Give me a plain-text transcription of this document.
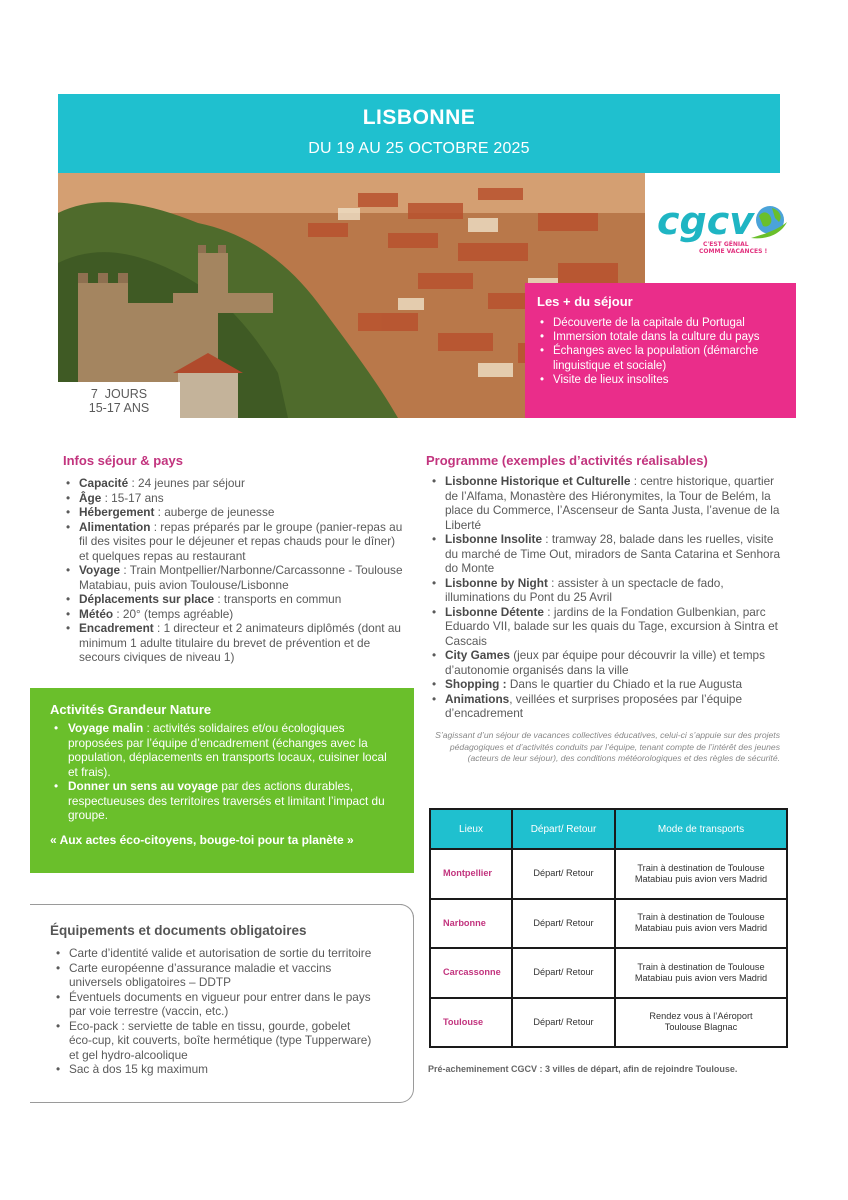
LISBONNE
DU 19 AU 25 OCTOBRE 2025
7  JOURS
15-17 ANS
cgcv
C'EST GÉNIAL
COMME VACANCES !
Les + du séjour
• Découverte de la capitale du Portugal
• Immersion totale dans la culture du pays
• Échanges avec la population (démarche linguistique et sociale)
• Visite de lieux insolites
Infos séjour & pays
• Capacité : 24 jeunes par séjour
• Âge : 15-17 ans
• Hébergement : auberge de jeunesse
• Alimentation : repas préparés par le groupe (panier-repas au fil des visites pour le déjeuner et repas chauds pour le dîner) et quelques repas au restaurant
• Voyage : Train Montpellier/Narbonne/Carcassonne - Toulouse Matabiau, puis avion Toulouse/Lisbonne
• Déplacements sur place : transports en commun
• Météo : 20° (temps agréable)
• Encadrement : 1 directeur et 2 animateurs diplômés (dont au minimum 1 adulte titulaire du brevet de prévention et de secours civiques de niveau 1)
Programme (exemples d’activités réalisables)
• Lisbonne Historique et Culturelle : centre historique, quartier de l’Alfama, Monastère des Hiéronymites, la Tour de Belém, la place du Commerce, l’Ascenseur de Santa Justa, l’avenue de la Liberté
• Lisbonne Insolite : tramway 28, balade dans les ruelles, visite du marché de Time Out, miradors de Santa Catarina et Senhora do Monte
• Lisbonne by Night : assister à un spectacle de fado, illuminations du Pont du 25 Avril
• Lisbonne Détente : jardins de la Fondation Gulbenkian, parc Eduardo VII, balade sur les quais du Tage, excursion à Sintra et Cascais
• City Games (jeux par équipe pour découvrir la ville) et temps d’autonomie organisés dans la ville
• Shopping : Dans le quartier du Chiado et la rue Augusta
• Animations, veillées et surprises proposées par l’équipe d’encadrement
S’agissant d’un séjour de vacances collectives éducatives, celui-ci s’appuie sur des projets pédagogiques et d’activités conduits par l’équipe, tenant compte de l’intérêt des jeunes (acteurs de leur séjour), des conditions météorologiques et des règles de sécurité.
Activités Grandeur Nature
• Voyage malin : activités solidaires et/ou écologiques proposées par l’équipe d’encadrement (échanges avec la population, déplacements en transports locaux, cuisiner local et frais).
• Donner un sens au voyage par des actions durables, respectueuses des territoires traversés et limitant l’impact du groupe.
« Aux actes éco-citoyens, bouge-toi pour ta planète »
Équipements et documents obligatoires
• Carte d’identité valide et autorisation de sortie du territoire
• Carte européenne d’assurance maladie et vaccins universels obligatoires – DDTP
• Éventuels documents en vigueur pour entrer dans le pays par voie terrestre (vaccin, etc.)
• Eco-pack : serviette de table en tissu, gourde, gobelet éco-cup, kit couverts, boîte hermétique (type Tupperware) et gel hydro-alcoolique
• Sac à dos 15 kg maximum
Lieux	Départ/ Retour	Mode de transports
Montpellier	Départ/ Retour	Train à destination de Toulouse Matabiau puis avion vers Madrid
Narbonne	Départ/ Retour	Train à destination de Toulouse Matabiau puis avion vers Madrid
Carcassonne	Départ/ Retour	Train à destination de Toulouse Matabiau puis avion vers Madrid
Toulouse	Départ/ Retour	Rendez vous à l’Aéroport Toulouse Blagnac
Pré-acheminement CGCV : 3 villes de départ, afin de rejoindre Toulouse.
